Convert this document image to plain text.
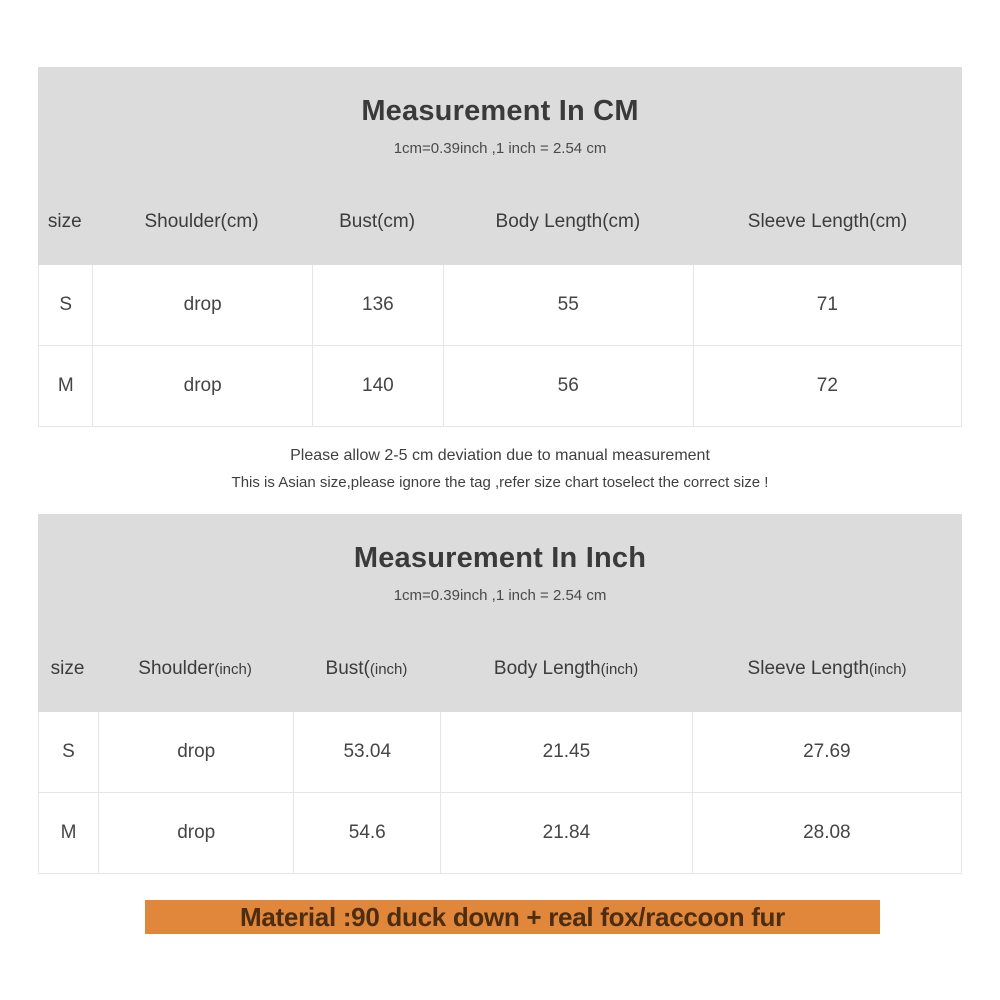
Measurement In CM
1cm=0.39inch ,1 inch = 2.54 cm
size	Shoulder(cm)	Bust(cm)	Body Length(cm)	Sleeve Length(cm)
S	drop	136	55	71
M	drop	140	56	72

Please allow 2-5 cm deviation due to manual measurement

This is Asian size,please ignore the tag ,refer size chart toselect the correct size !

Measurement In Inch
1cm=0.39inch ,1 inch = 2.54 cm
size	Shoulder(inch)	Bust((inch)	Body Length(inch)	Sleeve Length(inch)
S	drop	53.04	21.45	27.69
M	drop	54.6	21.84	28.08
Material :90 duck down + real fox/raccoon fur
